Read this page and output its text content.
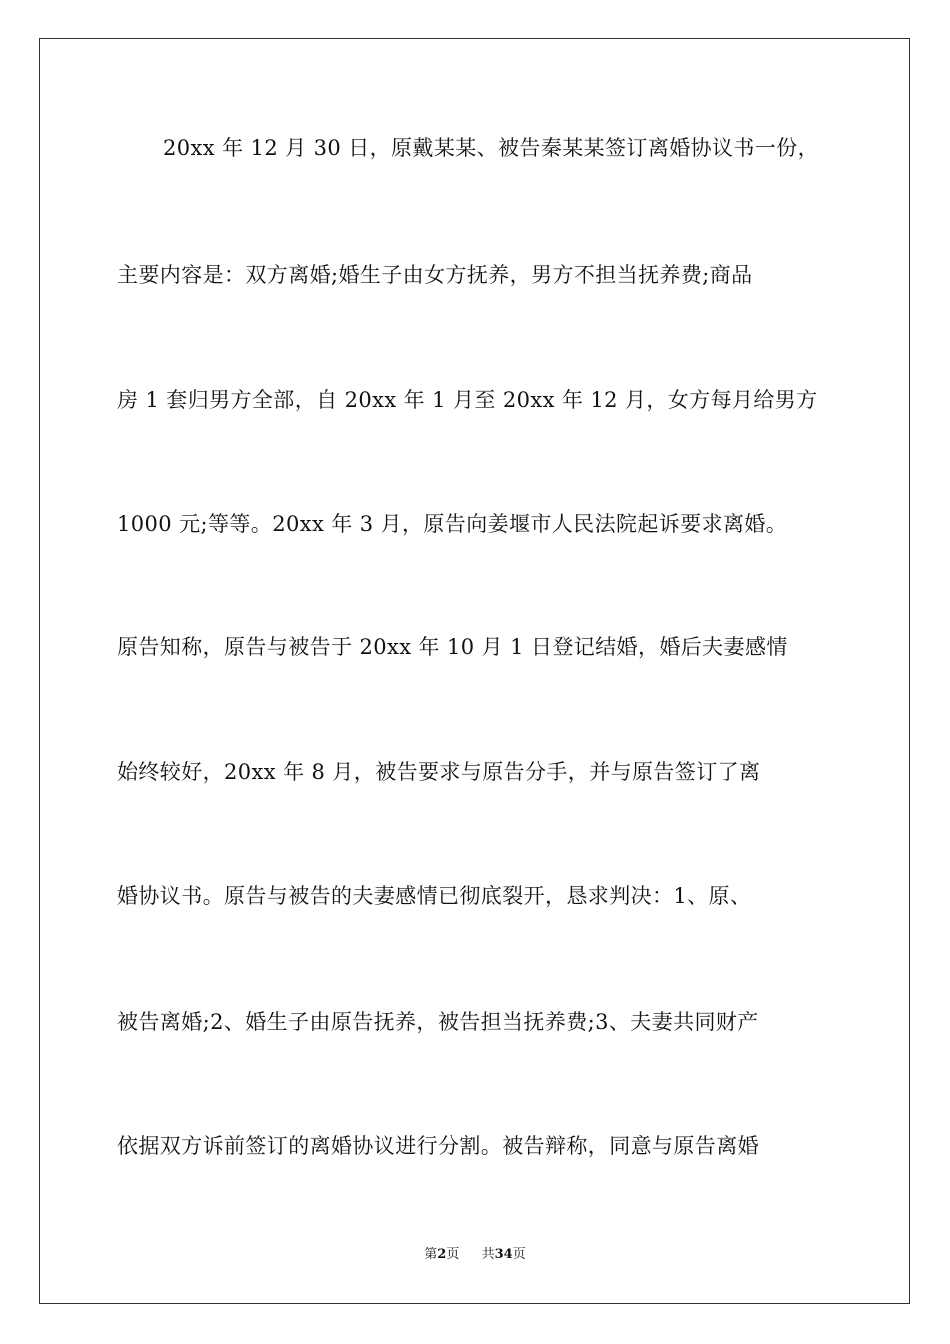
20xx 年 12 月 30 日，原戴某某、被告秦某某签订离婚协议书一份，
主要内容是：双方离婚;婚生子由女方抚养，男方不担当抚养费;商品
房 1 套归男方全部，自 20xx 年 1 月至 20xx 年 12 月，女方每月给男方
1000 元;等等。20xx 年 3 月，原告向姜堰市人民法院起诉要求离婚。
原告知称，原告与被告于 20xx 年 10 月 1 日登记结婚，婚后夫妻感情
始终较好，20xx 年 8 月，被告要求与原告分手，并与原告签订了离
婚协议书。原告与被告的夫妻感情已彻底裂开，恳求判决：1、原、
被告离婚;2、婚生子由原告抚养，被告担当抚养费;3、夫妻共同财产
依据双方诉前签订的离婚协议进行分割。被告辩称，同意与原告离婚
第2页 共34页
